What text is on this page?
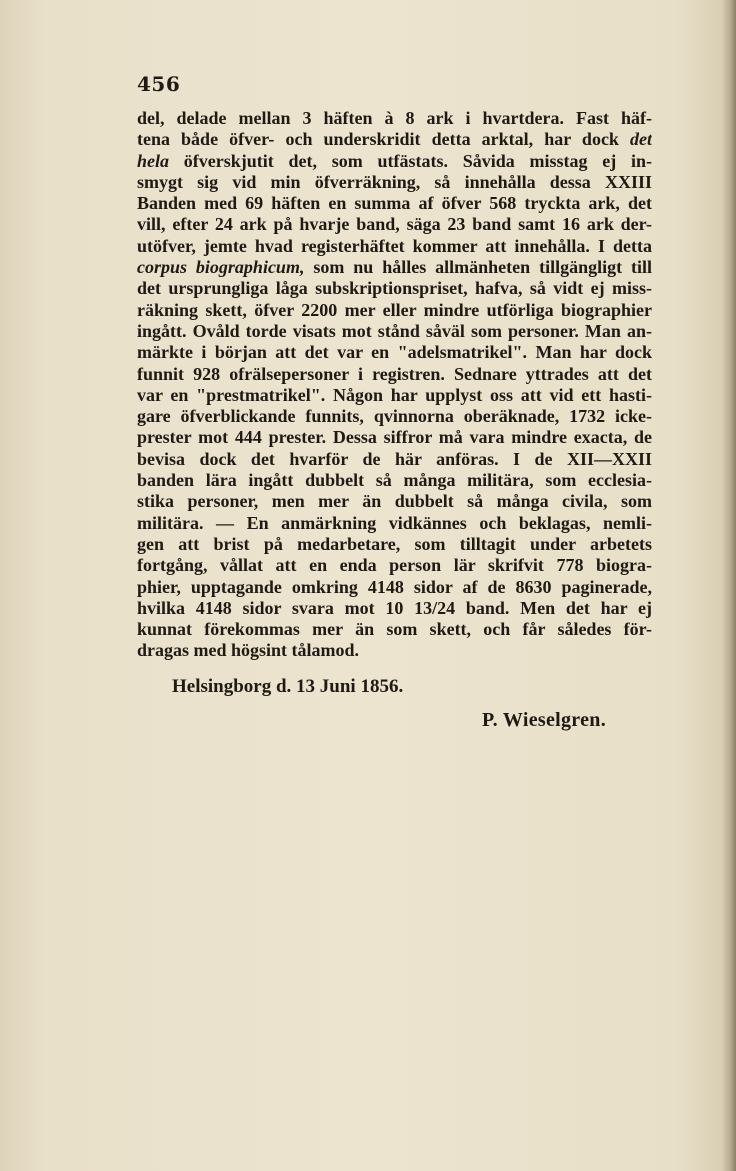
456
del, delade mellan 3 häften à 8 ark i hvartdera. Fast häf-
tena både öfver- och underskridit detta arktal, har dock det
hela öfverskjutit det, som utfästats. Såvida misstag ej in-
smygt sig vid min öfverräkning, så innehålla dessa XXIII
Banden med 69 häften en summa af öfver 568 tryckta ark, det
vill, efter 24 ark på hvarje band, säga 23 band samt 16 ark der-
utöfver, jemte hvad registerhäftet kommer att innehålla. I detta
corpus biographicum, som nu hålles allmänheten tillgängligt till
det ursprungliga låga subskriptionspriset, hafva, så vidt ej miss-
räkning skett, öfver 2200 mer eller mindre utförliga biographier
ingått. Ovåld torde visats mot stånd såväl som personer. Man an-
märkte i början att det var en "adelsmatrikel". Man har dock
funnit 928 ofrälsepersoner i registren. Sednare yttrades att det
var en "prestmatrikel". Någon har upplyst oss att vid ett hasti-
gare öfverblickande funnits, qvinnorna oberäknade, 1732 icke-
prester mot 444 prester. Dessa siffror må vara mindre exacta, de
bevisa dock det hvarför de här anföras. I de XII—XXII
banden lära ingått dubbelt så många militära, som ecclesia-
stika personer, men mer än dubbelt så många civila, som
militära. — En anmärkning vidkännes och beklagas, nemli-
gen att brist på medarbetare, som tilltagit under arbetets
fortgång, vållat att en enda person lär skrifvit 778 biogra-
phier, upptagande omkring 4148 sidor af de 8630 paginerade,
hvilka 4148 sidor svara mot 10 13/24 band. Men det har ej
kunnat förekommas mer än som skett, och får således för-
dragas med högsint tålamod.
Helsingborg d. 13 Juni 1856.
P. Wieselgren.
